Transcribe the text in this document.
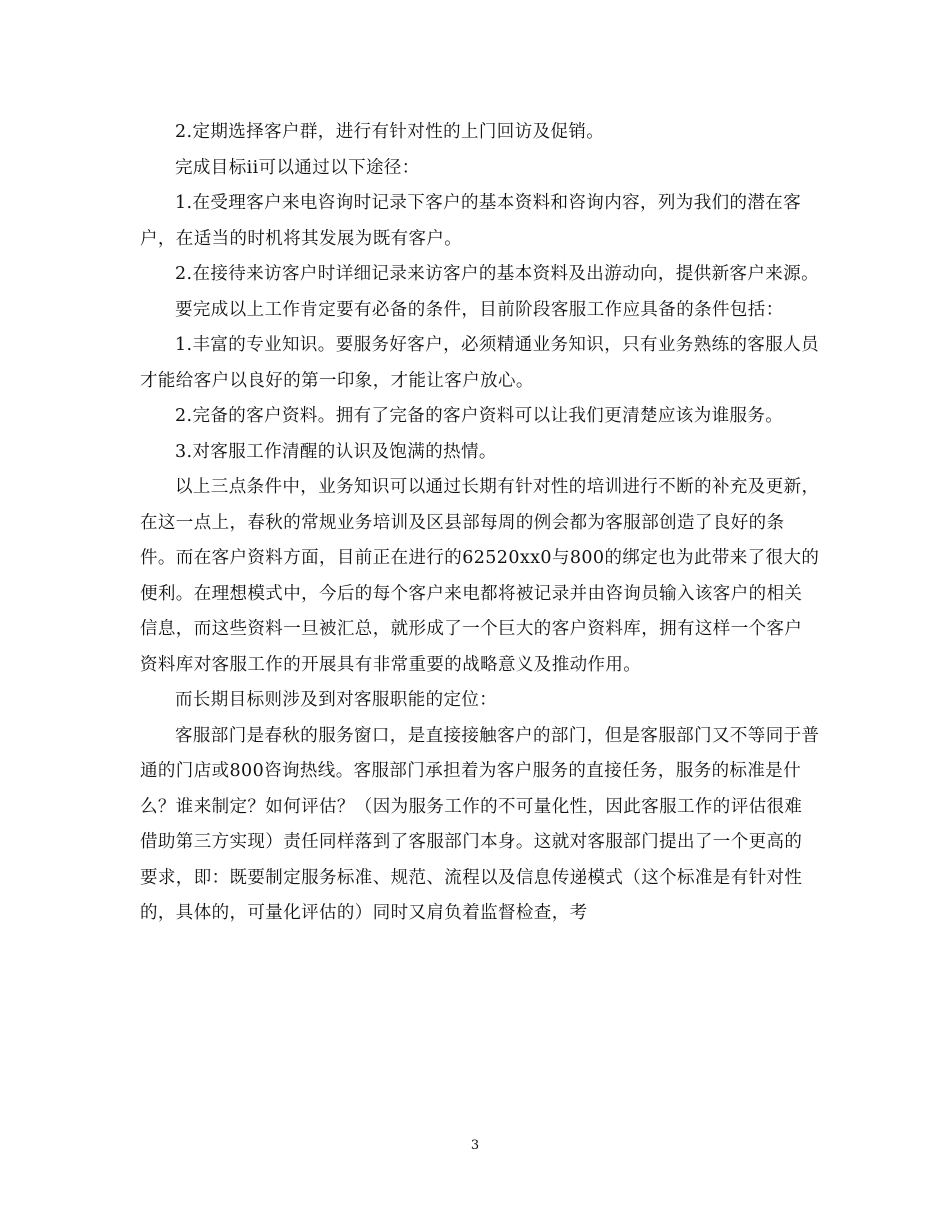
2.定期选择客户群，进行有针对性的上门回访及促销。

完成目标ii可以通过以下途径：

1.在受理客户来电咨询时记录下客户的基本资料和咨询内容，列为我们的潜在客户，在适当的时机将其发展为既有客户。

2.在接待来访客户时详细记录来访客户的基本资料及出游动向，提供新客户来源。

要完成以上工作肯定要有必备的条件，目前阶段客服工作应具备的条件包括：

1.丰富的专业知识。要服务好客户，必须精通业务知识，只有业务熟练的客服人员才能给客户以良好的第一印象，才能让客户放心。

2.完备的客户资料。拥有了完备的客户资料可以让我们更清楚应该为谁服务。

3.对客服工作清醒的认识及饱满的热情。

以上三点条件中，业务知识可以通过长期有针对性的培训进行不断的补充及更新，在这一点上，春秋的常规业务培训及区县部每周的例会都为客服部创造了良好的条件。而在客户资料方面，目前正在进行的62520xx0与800的绑定也为此带来了很大的便利。在理想模式中，今后的每个客户来电都将被记录并由咨询员输入该客户的相关信息，而这些资料一旦被汇总，就形成了一个巨大的客户资料库，拥有这样一个客户资料库对客服工作的开展具有非常重要的战略意义及推动作用。

而长期目标则涉及到对客服职能的定位：

客服部门是春秋的服务窗口，是直接接触客户的部门，但是客服部门又不等同于普通的门店或800咨询热线。客服部门承担着为客户服务的直接任务，服务的标准是什么？谁来制定？如何评估？（因为服务工作的不可量化性，因此客服工作的评估很难借助第三方实现）责任同样落到了客服部门本身。这就对客服部门提出了一个更高的要求，即：既要制定服务标准、规范、流程以及信息传递模式（这个标准是有针对性的，具体的，可量化评估的）同时又肩负着监督检查，考

3
